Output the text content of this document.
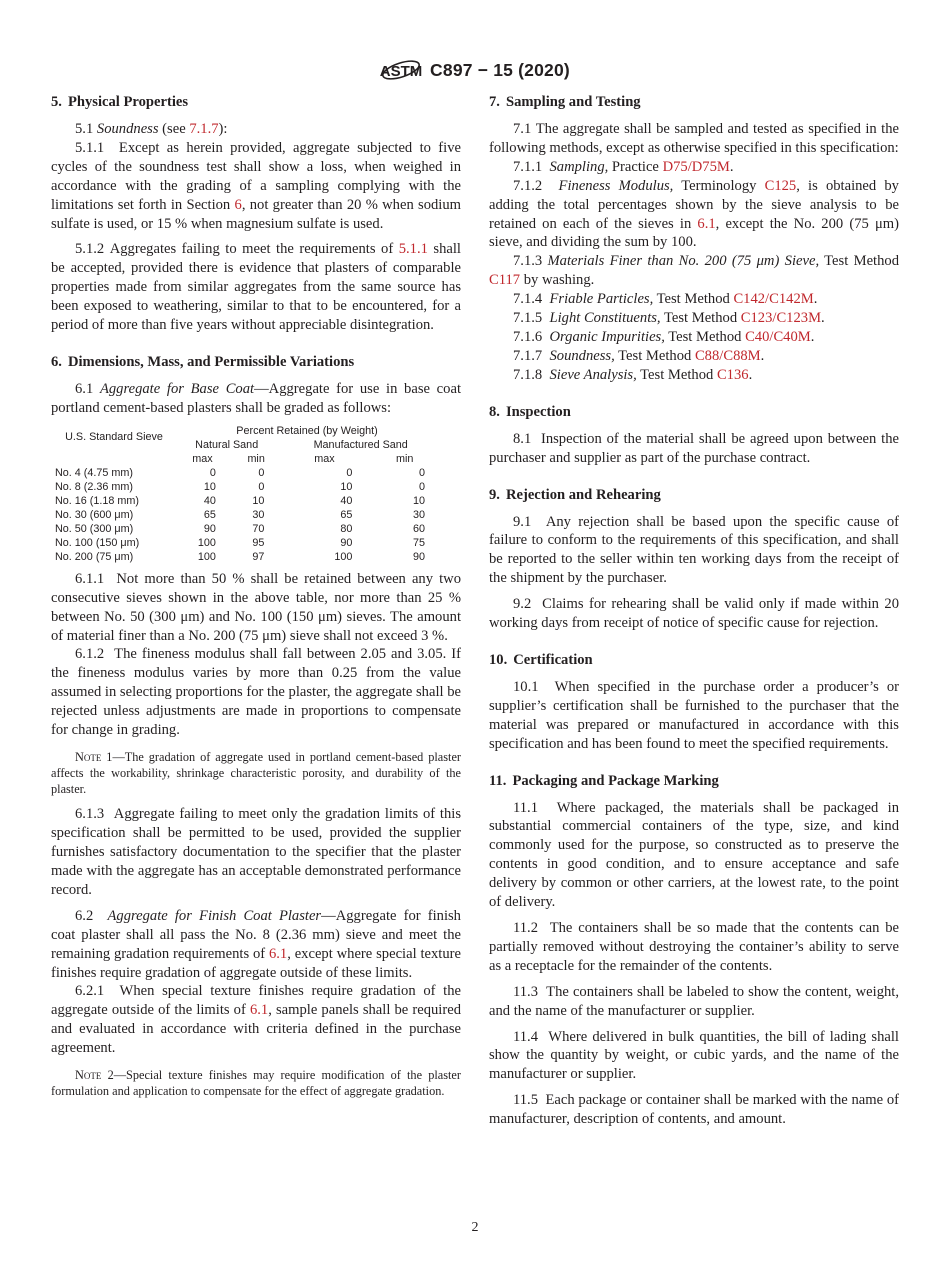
ASTM C897 − 15 (2020)
5. Physical Properties

5.1 Soundness (see 7.1.7):

5.1.1 Except as herein provided, aggregate subjected to five cycles of the soundness test shall show a loss, when weighed in accordance with the grading of a sampling complying with the limitations set forth in Section 6, not greater than 20 % when sodium sulfate is used, or 15 % when magnesium sulfate is used.

5.1.2 Aggregates failing to meet the requirements of 5.1.1 shall be accepted, provided there is evidence that plasters of comparable properties made from similar aggregates from the same source has been exposed to weathering, similar to that to be encountered, for a period of more than five years without appreciable disintegration.

6. Dimensions, Mass, and Permissible Variations

6.1 Aggregate for Base Coat—Aggregate for use in base coat portland cement-based plasters shall be graded as follows:

U.S. Standard Sieve	Percent Retained (by Weight)			
	Natural Sand		Manufactured Sand	
	max	min	max	min
No. 4 (4.75 mm)	0	0	0	0
No. 8 (2.36 mm)	10	0	10	0
No. 16 (1.18 mm)	40	10	40	10
No. 30 (600 μm)	65	30	65	30
No. 50 (300 μm)	90	70	80	60
No. 100 (150 μm)	100	95	90	75
No. 200 (75 μm)	100	97	100	90

6.1.1 Not more than 50 % shall be retained between any two consecutive sieves shown in the above table, nor more than 25 % between No. 50 (300 μm) and No. 100 (150 μm) sieves. The amount of material finer than a No. 200 (75 μm) sieve shall not exceed 3 %.

6.1.2 The fineness modulus shall fall between 2.05 and 3.05. If the fineness modulus varies by more than 0.25 from the value assumed in selecting proportions for the plaster, the aggregate shall be rejected unless adjustments are made in proportions to compensate for change in grading.

Note 1—The gradation of aggregate used in portland cement-based plaster affects the workability, shrinkage characteristic porosity, and durability of the plaster.

6.1.3 Aggregate failing to meet only the gradation limits of this specification shall be permitted to be used, provided the supplier furnishes satisfactory documentation to the specifier that the plaster made with the aggregate has an acceptable demonstrated performance record.

6.2 Aggregate for Finish Coat Plaster—Aggregate for finish coat plaster shall all pass the No. 8 (2.36 mm) sieve and meet the remaining gradation requirements of 6.1, except where special texture finishes require gradation of aggregate outside of these limits.

6.2.1 When special texture finishes require gradation of the aggregate outside of the limits of 6.1, sample panels shall be required and evaluated in accordance with criteria defined in the purchase agreement.

Note 2—Special texture finishes may require modification of the plaster formulation and application to compensate for the effect of aggregate gradation.
7. Sampling and Testing

7.1 The aggregate shall be sampled and tested as specified in the following methods, except as otherwise specified in this specification:

7.1.1 Sampling, Practice D75/D75M.

7.1.2 Fineness Modulus, Terminology C125, is obtained by adding the total percentages shown by the sieve analysis to be retained on each of the sieves in 6.1, except the No. 200 (75 μm) sieve, and dividing the sum by 100.

7.1.3 Materials Finer than No. 200 (75 μm) Sieve, Test Method C117 by washing.

7.1.4 Friable Particles, Test Method C142/C142M.

7.1.5 Light Constituents, Test Method C123/C123M.

7.1.6 Organic Impurities, Test Method C40/C40M.

7.1.7 Soundness, Test Method C88/C88M.

7.1.8 Sieve Analysis, Test Method C136.

8. Inspection

8.1 Inspection of the material shall be agreed upon between the purchaser and supplier as part of the purchase contract.

9. Rejection and Rehearing

9.1 Any rejection shall be based upon the specific cause of failure to conform to the requirements of this specification, and shall be reported to the seller within ten working days from the receipt of the shipment by the purchaser.

9.2 Claims for rehearing shall be valid only if made within 20 working days from receipt of notice of specific cause for rejection.

10. Certification

10.1 When specified in the purchase order a producer’s or supplier’s certification shall be furnished to the purchaser that the material was prepared or manufactured in accordance with this specification and has been found to meet the specified requirements.

11. Packaging and Package Marking

11.1 Where packaged, the materials shall be packaged in substantial commercial containers of the type, size, and kind commonly used for the purpose, so constructed as to preserve the contents in good condition, and to ensure acceptance and safe delivery by common or other carriers, at the lowest rate, to the point of delivery.

11.2 The containers shall be so made that the contents can be partially removed without destroying the container’s ability to serve as a receptacle for the remainder of the contents.

11.3 The containers shall be labeled to show the content, weight, and the name of the manufacturer or supplier.

11.4 Where delivered in bulk quantities, the bill of lading shall show the quantity by weight, or cubic yards, and the name of the manufacturer or supplier.

11.5 Each package or container shall be marked with the name of manufacturer, description of contents, and amount.

2
